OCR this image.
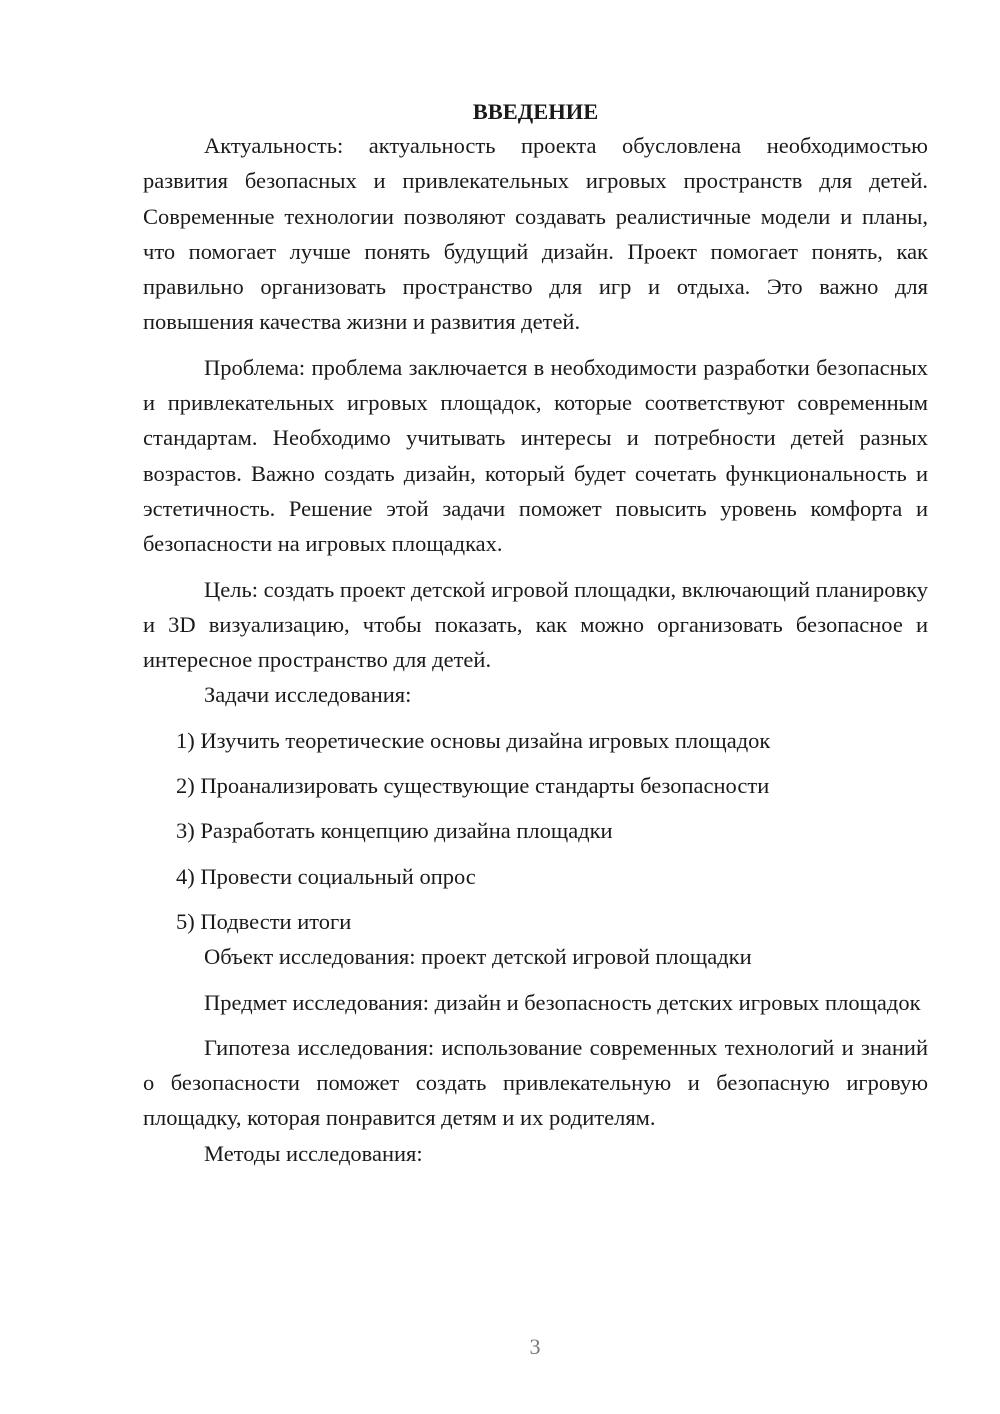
ВВЕДЕНИЕ

Актуальность: актуальность проекта обусловлена необходимостью развития безопасных и привлекательных игровых пространств для детей. Современные технологии позволяют создавать реалистичные модели и планы, что помогает лучше понять будущий дизайн. Проект помогает понять, как правильно организовать пространство для игр и отдыха. Это важно для повышения качества жизни и развития детей.

Проблема: проблема заключается в необходимости разработки безопасных и привлекательных игровых площадок, которые соответствуют современным стандартам. Необходимо учитывать интересы и потребности детей разных возрастов. Важно создать дизайн, который будет сочетать функциональность и эстетичность. Решение этой задачи поможет повысить уровень комфорта и безопасности на игровых площадках.

Цель: создать проект детской игровой площадки, включающий планировку и 3D визуализацию, чтобы показать, как можно организовать безопасное и интересное пространство для детей.

Задачи исследования:

1) Изучить теоретические основы дизайна игровых площадок

2) Проанализировать существующие стандарты безопасности

3) Разработать концепцию дизайна площадки

4) Провести социальный опрос

5) Подвести итоги

Объект исследования: проект детской игровой площадки

Предмет исследования: дизайн и безопасность детских игровых площадок

Гипотеза исследования: использование современных технологий и знаний о безопасности поможет создать привлекательную и безопасную игровую площадку, которая понравится детям и их родителям.

Методы исследования:

3
